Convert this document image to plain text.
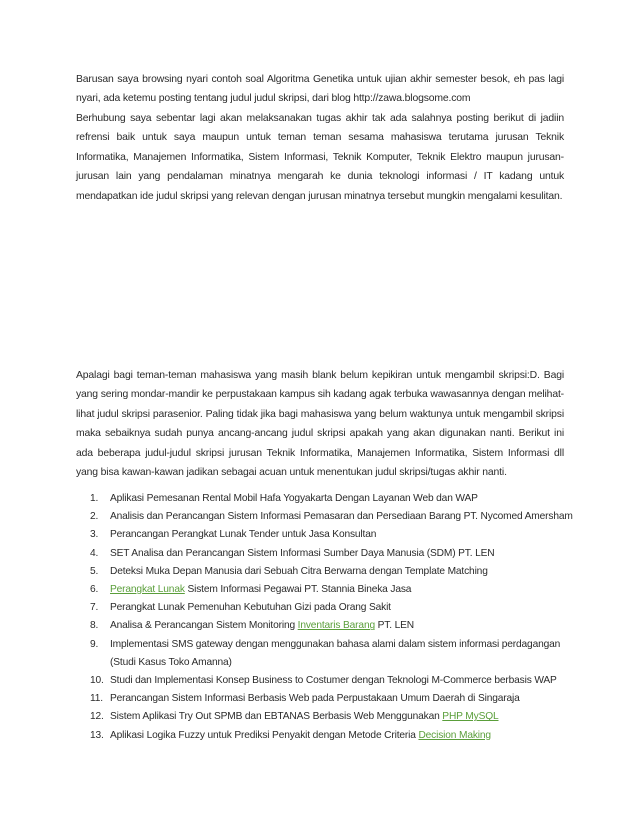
Barusan saya browsing nyari contoh soal Algoritma Genetika untuk ujian akhir semester besok, eh pas lagi nyari, ada ketemu posting tentang judul judul skripsi, dari blog http://zawa.blogsome.com

Berhubung saya sebentar lagi akan melaksanakan tugas akhir tak ada salahnya posting berikut di jadiin refrensi baik untuk saya maupun untuk teman teman sesama mahasiswa terutama jurusan Teknik Informatika, Manajemen Informatika, Sistem Informasi, Teknik Komputer, Teknik Elektro maupun jurusan-jurusan lain yang pendalaman minatnya mengarah ke dunia teknologi informasi / IT kadang untuk mendapatkan ide judul skripsi yang relevan dengan jurusan minatnya tersebut mungkin mengalami kesulitan.

Apalagi bagi teman-teman mahasiswa yang masih blank belum kepikiran untuk mengambil skripsi:D. Bagi yang sering mondar-mandir ke perpustakaan kampus sih kadang agak terbuka wawasannya dengan melihat-lihat judul skripsi parasenior. Paling tidak jika bagi mahasiswa yang belum waktunya untuk mengambil skripsi maka sebaiknya sudah punya ancang-ancang judul skripsi apakah yang akan digunakan nanti. Berikut ini ada beberapa judul-judul skripsi jurusan Teknik Informatika, Manajemen Informatika, Sistem Informasi dll yang bisa kawan-kawan jadikan sebagai acuan untuk menentukan judul skripsi/tugas akhir nanti.

1. Aplikasi Pemesanan Rental Mobil Hafa Yogyakarta Dengan Layanan Web dan WAP
2. Analisis dan Perancangan Sistem Informasi Pemasaran dan Persediaan Barang PT. Nycomed Amersham
3. Perancangan Perangkat Lunak Tender untuk Jasa Konsultan
4. SET Analisa dan Perancangan Sistem Informasi Sumber Daya Manusia (SDM) PT. LEN
5. Deteksi Muka Depan Manusia dari Sebuah Citra Berwarna dengan Template Matching
6. Perangkat Lunak Sistem Informasi Pegawai PT. Stannia Bineka Jasa
7. Perangkat Lunak Pemenuhan Kebutuhan Gizi pada Orang Sakit
8. Analisa & Perancangan Sistem Monitoring Inventaris Barang PT. LEN
9. Implementasi SMS gateway dengan menggunakan bahasa alami dalam sistem informasi perdagangan (Studi Kasus Toko Amanna)
10. Studi dan Implementasi Konsep Business to Costumer dengan Teknologi M-Commerce berbasis WAP
11. Perancangan Sistem Informasi Berbasis Web pada Perpustakaan Umum Daerah di Singaraja
12. Sistem Aplikasi Try Out SPMB dan EBTANAS Berbasis Web Menggunakan PHP MySQL
13. Aplikasi Logika Fuzzy untuk Prediksi Penyakit dengan Metode Criteria Decision Making
